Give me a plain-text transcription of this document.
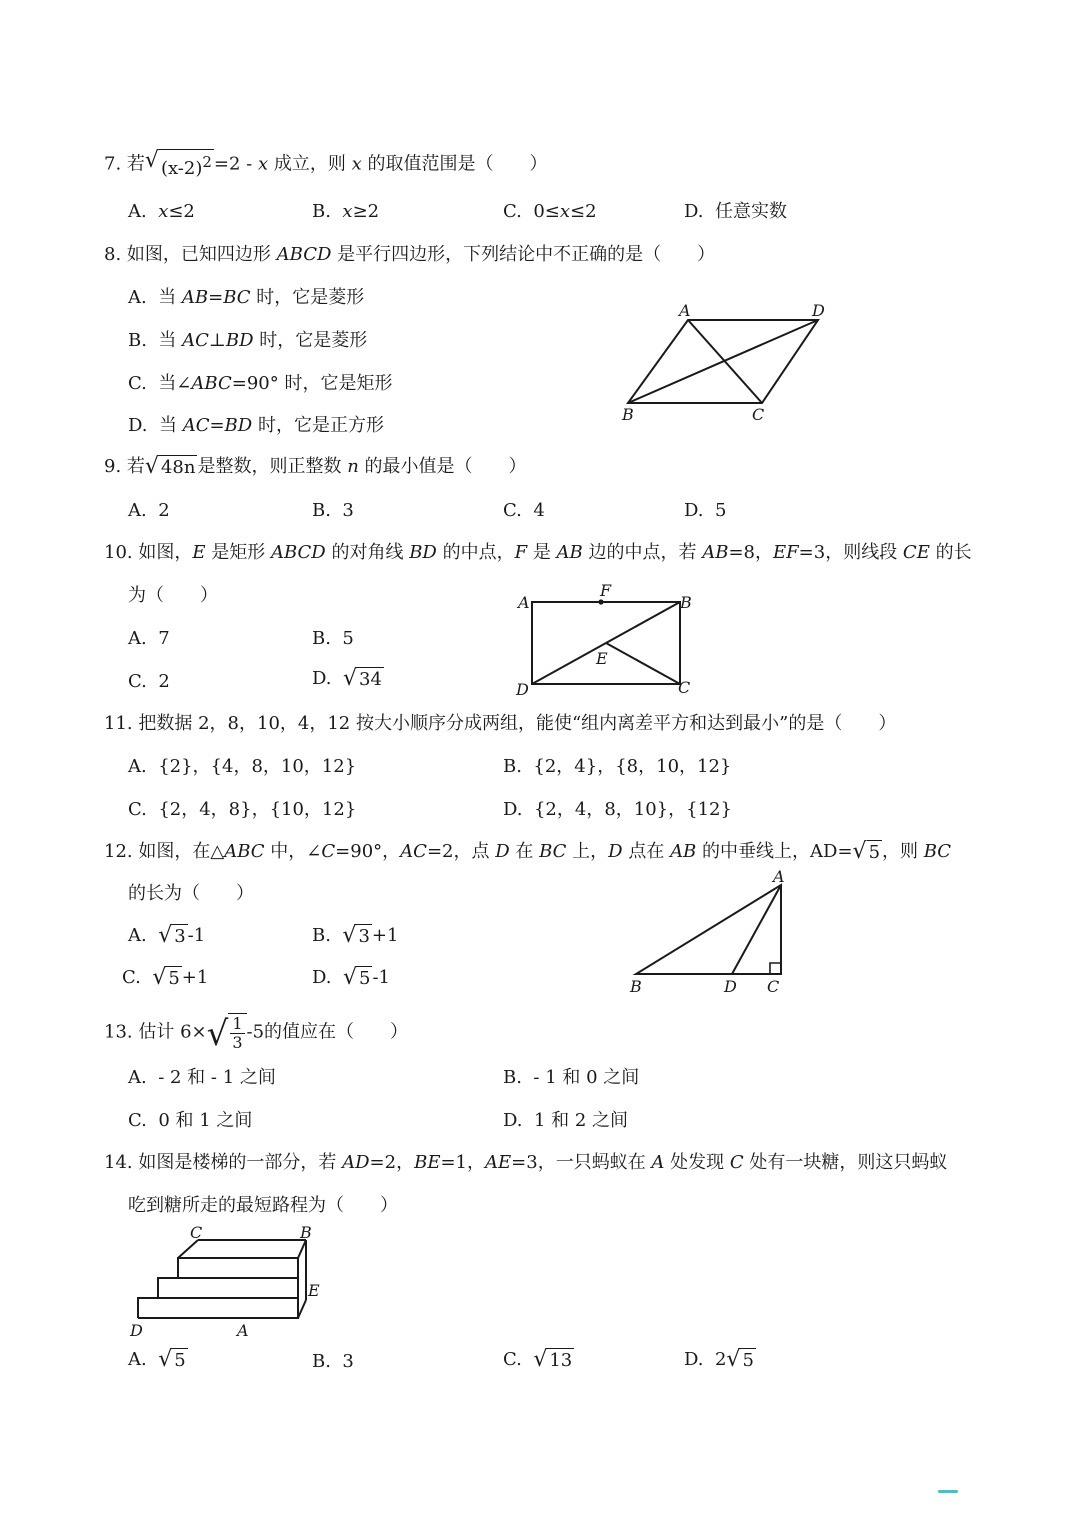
7. 若 √ $(x-2)^2 =2 - x$ 成立，则 x 的取值范围是（　　）
A. x≤2	B. x≥2	C. 0≤x≤2	D. 任意实数
8. 如图，已知四边形 ABCD 是平行四边形，下列结论中不正确的是（　　）
A. 当 AB=BC 时，它是菱形
B. 当 AC⊥BD 时，它是菱形
C. 当∠ABC=90° 时，它是矩形
D. 当 AC=BD 时，它是正方形
A	D
B	C
9. 若 √ 48n 是整数，则正整数 n 的最小值是（　　）
A. 2	B. 3	C. 4	D. 5
10. 如图，E 是矩形 ABCD 的对角线 BD 的中点，F 是 AB 边的中点，若 AB=8，EF=3，则线段 CE 的长
为（　　）
A. 7	B. 5
C. 2	D. √ 34
A	B
F
E
D	C
11. 把数据 2，8，10，4，12 按大小顺序分成两组，能使“组内离差平方和达到最小”的是（　　）
A. {2}，{4，8，10，12}	B. {2，4}，{8，10，12}
C. {2，4，8}，{10，12}	D. {2，4，8，10}，{12}
12. 如图，在△ABC 中，∠C=90°，AC=2，点 D 在 BC 上，D 点在 AB 的中垂线上，AD= √ 5 ，则 BC
的长为（　　）
A. √ 3 -1	B. √ 3 +1
C. √ 5 +1	D. √ 5 -1
A
B	D C
13. 估计 6× √ $\frac{1}{3} -5$的值应在（　　）
A. - 2 和 - 1 之间	B. - 1 和 0 之间
C. 0 和 1 之间	D. 1 和 2 之间
14. 如图是楼梯的一部分，若 AD=2，BE=1，AE=3，一只蚂蚁在 A 处发现 C 处有一块糖，则这只蚂蚁
吃到糖所走的最短路程为（　　）
C	B
E
D	A
A. √ 5	B. 3	C. √ 13	D. 2 √ 5
